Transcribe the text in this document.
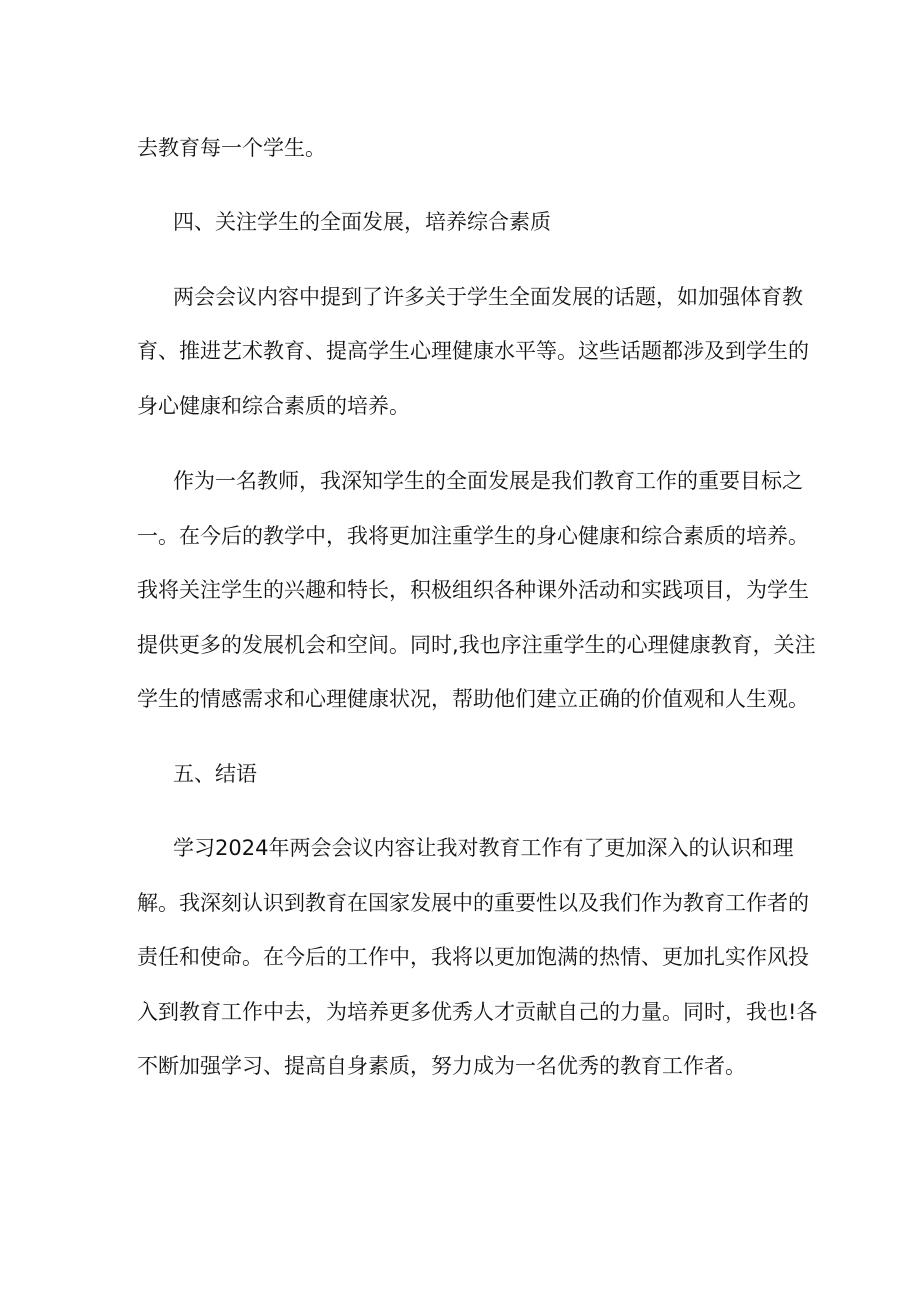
去教育每一个学生。
四、关注学生的全面发展，培养综合素质
两会会议内容中提到了许多关于学生全面发展的话题，如加强体育教
育、推进艺术教育、提高学生心理健康水平等。这些话题都涉及到学生的
身心健康和综合素质的培养。
作为一名教师，我深知学生的全面发展是我们教育工作的重要目标之
一。在今后的教学中，我将更加注重学生的身心健康和综合素质的培养。
我将关注学生的兴趣和特长，积极组织各种课外活动和实践项目，为学生
提供更多的发展机会和空间。同时,我也序注重学生的心理健康教育，关注
学生的情感需求和心理健康状况，帮助他们建立正确的价值观和人生观。
五、结语
学习2024年两会会议内容让我对教育工作有了更加深入的认识和理
解。我深刻认识到教育在国家发展中的重要性以及我们作为教育工作者的
责任和使命。在今后的工作中，我将以更加饱满的热情、更加扎实作风投
入到教育工作中去，为培养更多优秀人才贡献自己的力量。同时，我也!各
不断加强学习、提高自身素质，努力成为一名优秀的教育工作者。
